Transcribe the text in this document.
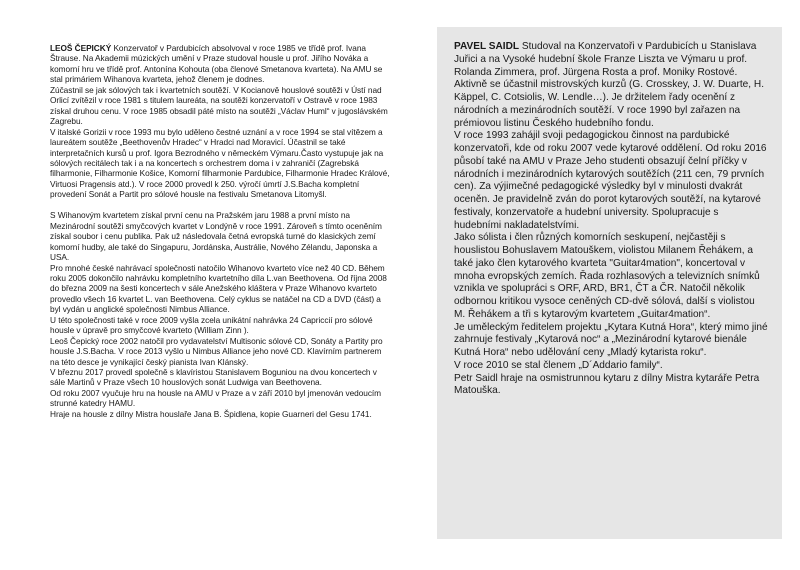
LEOŠ ČEPICKÝ Konzervatoř v Pardubicích absolvoval v roce 1985 ve třídě prof. Ivana Štrause. Na Akademii múzických umění v Praze studoval housle u prof. Jiřího Nováka a komorní hru ve třídě prof. Antonína Kohouta (oba členové Smetanova kvarteta). Na AMU se stal primáriem Wihanova kvarteta, jehož členem je dodnes.

Zúčastnil se jak sólových tak i kvartetních soutěží. V Kocianově houslové soutěži v Ústí nad Orlicí zvítězil v roce 1981 s titulem laureáta, na soutěži konzervatoří v Ostravě v roce 1983 získal druhou cenu. V roce 1985 obsadil páté místo na soutěži „Václav Huml“ v jugoslávském Zagrebu.

V italské Gorizii v roce 1993 mu bylo uděleno čestné uznání a v roce 1994 se stal vítězem a laureátem soutěže „Beethovenův Hradec“ v Hradci nad Moravicí. Účastnil se také interpretačních kursů u prof. Igora Bezrodného v německém Výmaru.Často vystupuje jak na sólových recitálech tak i a na koncertech s orchestrem doma i v zahraničí (Zagrebská filharmonie, Filharmonie Košice, Komorní filharmonie Pardubice, Filharmonie Hradec Králové, Virtuosi Pragensis atd.). V roce 2000 provedl k 250. výročí úmrtí J.S.Bacha kompletní provedení Sonát a Partit pro sólové housle na festivalu Smetanova Litomyšl.

S Wihanovým kvartetem získal první cenu na Pražském jaru 1988 a první místo na Mezinárodní soutěži smyčcových kvartet v Londýně v roce 1991. Zároveň s tímto oceněním získal soubor i cenu publika. Pak už následovala četná evropská turné do klasických zemí komorní hudby, ale také do Singapuru, Jordánska, Austrálie, Nového Zélandu, Japonska a USA.

Pro mnohé české nahrávací společnosti natočilo Wihanovo kvarteto více než 40 CD. Během roku 2005 dokončilo nahrávku kompletního kvartetního díla L.van Beethovena. Od října 2008 do března 2009 na šesti koncertech v sále Anežského kláštera v Praze Wihanovo kvarteto provedlo všech 16 kvartet L. van Beethovena. Celý cyklus se natáčel na CD a DVD (část) a byl vydán u anglické společnosti Nimbus Alliance.

U této společnosti také v roce 2009 vyšla zcela unikátní nahrávka 24 Capriccií pro sólové housle v úpravě pro smyčcové kvarteto (William Zinn ).

Leoš Čepický roce 2002 natočil pro vydavatelství Multisonic sólové CD, Sonáty a Partity pro housle J.S.Bacha. V roce 2013 vyšlo u Nimbus Alliance jeho nové CD. Klavírním partnerem na této desce je vynikající český pianista Ivan Klánský.

V březnu 2017 provedl společně s klavíristou Stanislavem Boguniou na dvou koncertech v sále Martinů v Praze všech 10 houslových sonát Ludwiga van Beethovena.

Od roku 2007 vyučuje hru na housle na AMU v Praze a v září 2010 byl jmenován vedoucím strunné katedry HAMU.

Hraje na housle z dílny Mistra houslaře Jana B. Špidlena, kopie Guarneri del Gesu 1741.

PAVEL SAIDL Studoval na Konzervatoři v Pardubicích u Stanislava Juřici a na Vysoké hudební škole Franze Liszta ve Výmaru u prof. Rolanda Zimmera, prof. Jürgena Rosta a prof. Moniky Rostové. Aktivně se účastnil mistrovských kurzů (G. Crosskey, J. W. Duarte, H. Käppel, C. Cotsiolis, W. Lendle…). Je držitelem řady ocenění z národních a mezinárodních soutěží. V roce 1990 byl zařazen na prémiovou listinu Českého hudebního fondu.

V roce 1993 zahájil svoji pedagogickou činnost na pardubické konzervatoři, kde od roku 2007 vede kytarové oddělení. Od roku 2016 působí také na AMU v Praze Jeho studenti obsazují čelní příčky v národních i mezinárodních kytarových soutěžích (211 cen, 79 prvních cen). Za výjimečné pedagogické výsledky byl v minulosti dvakrát oceněn. Je pravidelně zván do porot kytarových soutěží, na kytarové festivaly, konzervatoře a hudební university. Spolupracuje s hudebními nakladatelstvími.

Jako sólista i člen různých komorních seskupení, nejčastěji s houslistou Bohuslavem Matouškem, violistou Milanem Řehákem, a také jako člen kytarového kvarteta "Guitar4mation", koncertoval v mnoha evropských zemích. Řada rozhlasových a televizních snímků vznikla ve spolupráci s ORF, ARD, BR1, ČT a ČR. Natočil několik odbornou kritikou vysoce ceněných CD-dvě sólová, další s violistou M. Řehákem a tři s kytarovým kvartetem „Guitar4mation“.

Je uměleckým ředitelem projektu „Kytara Kutná Hora“, který mimo jiné zahrnuje festivaly „Kytarová noc“ a „Mezinárodní kytarové bienále Kutná Hora“ nebo udělování ceny „Mladý kytarista roku“.

V roce 2010 se stal členem „D´Addario family“.

Petr Saidl hraje na osmistrunnou kytaru z dílny Mistra kytaráře Petra Matouška.
